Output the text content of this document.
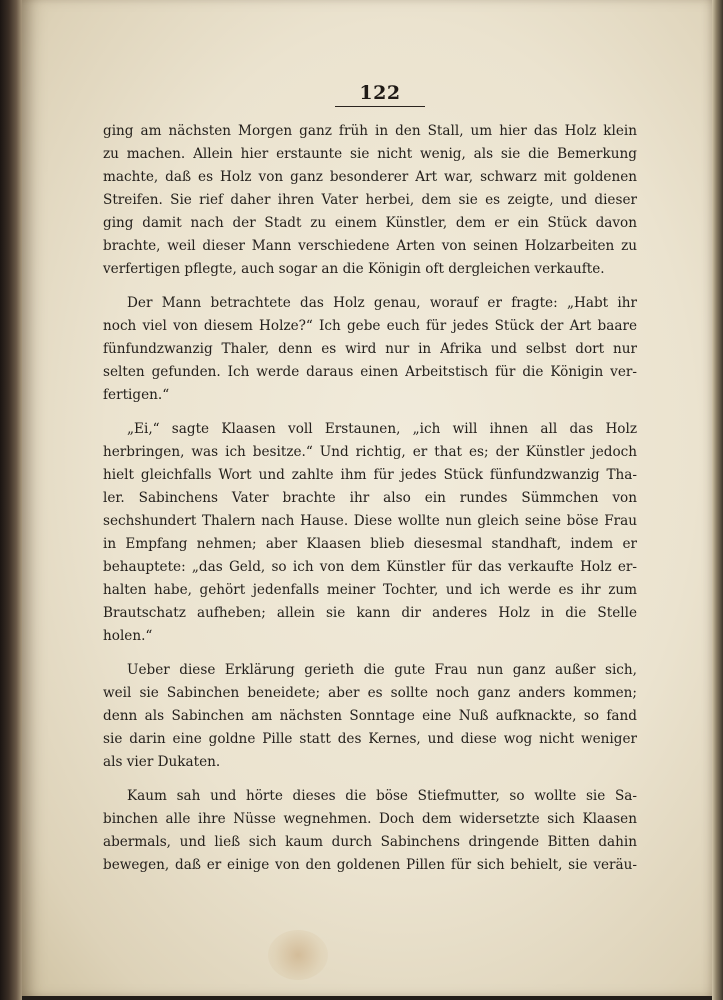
122
ging am nächsten Morgen ganz früh in den Stall, um hier das Holz klein
zu machen. Allein hier erstaunte sie nicht wenig, als sie die Bemerkung
machte, daß es Holz von ganz besonderer Art war, schwarz mit goldenen
Streifen. Sie rief daher ihren Vater herbei, dem sie es zeigte, und dieser
ging damit nach der Stadt zu einem Künstler, dem er ein Stück davon
brachte, weil dieser Mann verschiedene Arten von seinen Holzarbeiten zu
verfertigen pflegte, auch sogar an die Königin oft dergleichen verkaufte.
Der Mann betrachtete das Holz genau, worauf er fragte: „Habt ihr
noch viel von diesem Holze?“ Ich gebe euch für jedes Stück der Art baare
fünfundzwanzig Thaler, denn es wird nur in Afrika und selbst dort nur
selten gefunden. Ich werde daraus einen Arbeitstisch für die Königin ver-
fertigen.“
„Ei,“ sagte Klaasen voll Erstaunen, „ich will ihnen all das Holz
herbringen, was ich besitze.“ Und richtig, er that es; der Künstler jedoch
hielt gleichfalls Wort und zahlte ihm für jedes Stück fünfundzwanzig Tha-
ler. Sabinchens Vater brachte ihr also ein rundes Sümmchen von
sechshundert Thalern nach Hause. Diese wollte nun gleich seine böse Frau
in Empfang nehmen; aber Klaasen blieb diesesmal standhaft, indem er
behauptete: „das Geld, so ich von dem Künstler für das verkaufte Holz er-
halten habe, gehört jedenfalls meiner Tochter, und ich werde es ihr zum
Brautschatz aufheben; allein sie kann dir anderes Holz in die Stelle
holen.“
Ueber diese Erklärung gerieth die gute Frau nun ganz außer sich,
weil sie Sabinchen beneidete; aber es sollte noch ganz anders kommen;
denn als Sabinchen am nächsten Sonntage eine Nuß aufknackte, so fand
sie darin eine goldne Pille statt des Kernes, und diese wog nicht weniger
als vier Dukaten.
Kaum sah und hörte dieses die böse Stiefmutter, so wollte sie Sa-
binchen alle ihre Nüsse wegnehmen. Doch dem widersetzte sich Klaasen
abermals, und ließ sich kaum durch Sabinchens dringende Bitten dahin
bewegen, daß er einige von den goldenen Pillen für sich behielt, sie veräu-
